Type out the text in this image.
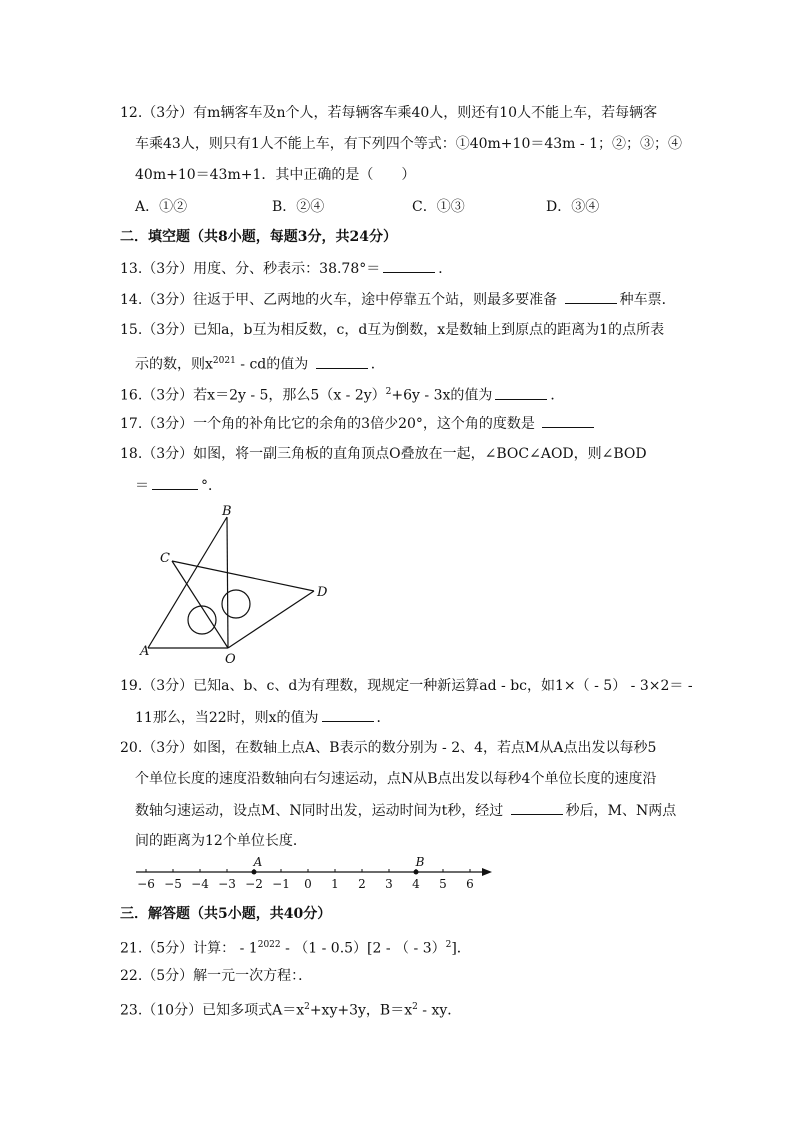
12.（3分）有m辆客车及n个人，若每辆客车乘40人，则还有10人不能上车，若每辆客
车乘43人，则只有1人不能上车，有下列四个等式：①40m+10＝43m - 1；②；③；④
40m+10＝43m+1．其中正确的是（　　）
A．①②	B．②④	C．①③	D．③④
二．填空题（共8小题，每题3分，共24分）
13.（3分）用度、分、秒表示：38.78°＝	．
14.（3分）往返于甲、乙两地的火车，途中停靠五个站，则最多要准备	种车票．
15.（3分）已知a，b互为相反数，c，d互为倒数，x是数轴上到原点的距离为1的点所表
示的数，则$x^{2021}$ - cd的值为	．
16.（3分）若x＝2y - 5，那么5（x - 2y）$^2$+6y - 3x的值为	．
17.（3分）一个角的补角比它的余角的3倍少20°，这个角的度数是
18.（3分）如图，将一副三角板的直角顶点O叠放在一起，∠BOC∠AOD，则∠BOD
＝	°．
B
C
D
A
O
19.（3分）已知a、b、c、d为有理数，现规定一种新运算ad - bc，如1×（ - 5） - 3×2＝ -
11那么，当22时，则x的值为	．
20.（3分）如图，在数轴上点A、B表示的数分别为 - 2、4，若点M从A点出发以每秒5
个单位长度的速度沿数轴向右匀速运动，点N从B点出发以每秒4个单位长度的速度沿
数轴匀速运动，设点M、N同时出发，运动时间为t秒，经过	秒后，M、N两点
间的距离为12个单位长度．
−6 −5 −4 −3 −2 −1 0 1 2 3 4 5 6
A	B
三．解答题（共5小题，共40分）
21.（5分）计算： - $1^{2022} - (1 - 0.5)[2$ - （ - 3）$^2$]．
22.（5分）解一元一次方程：．
23.（10分）已知多项式$A=x^2+xy+3y$，$B=x^2$ - xy．
